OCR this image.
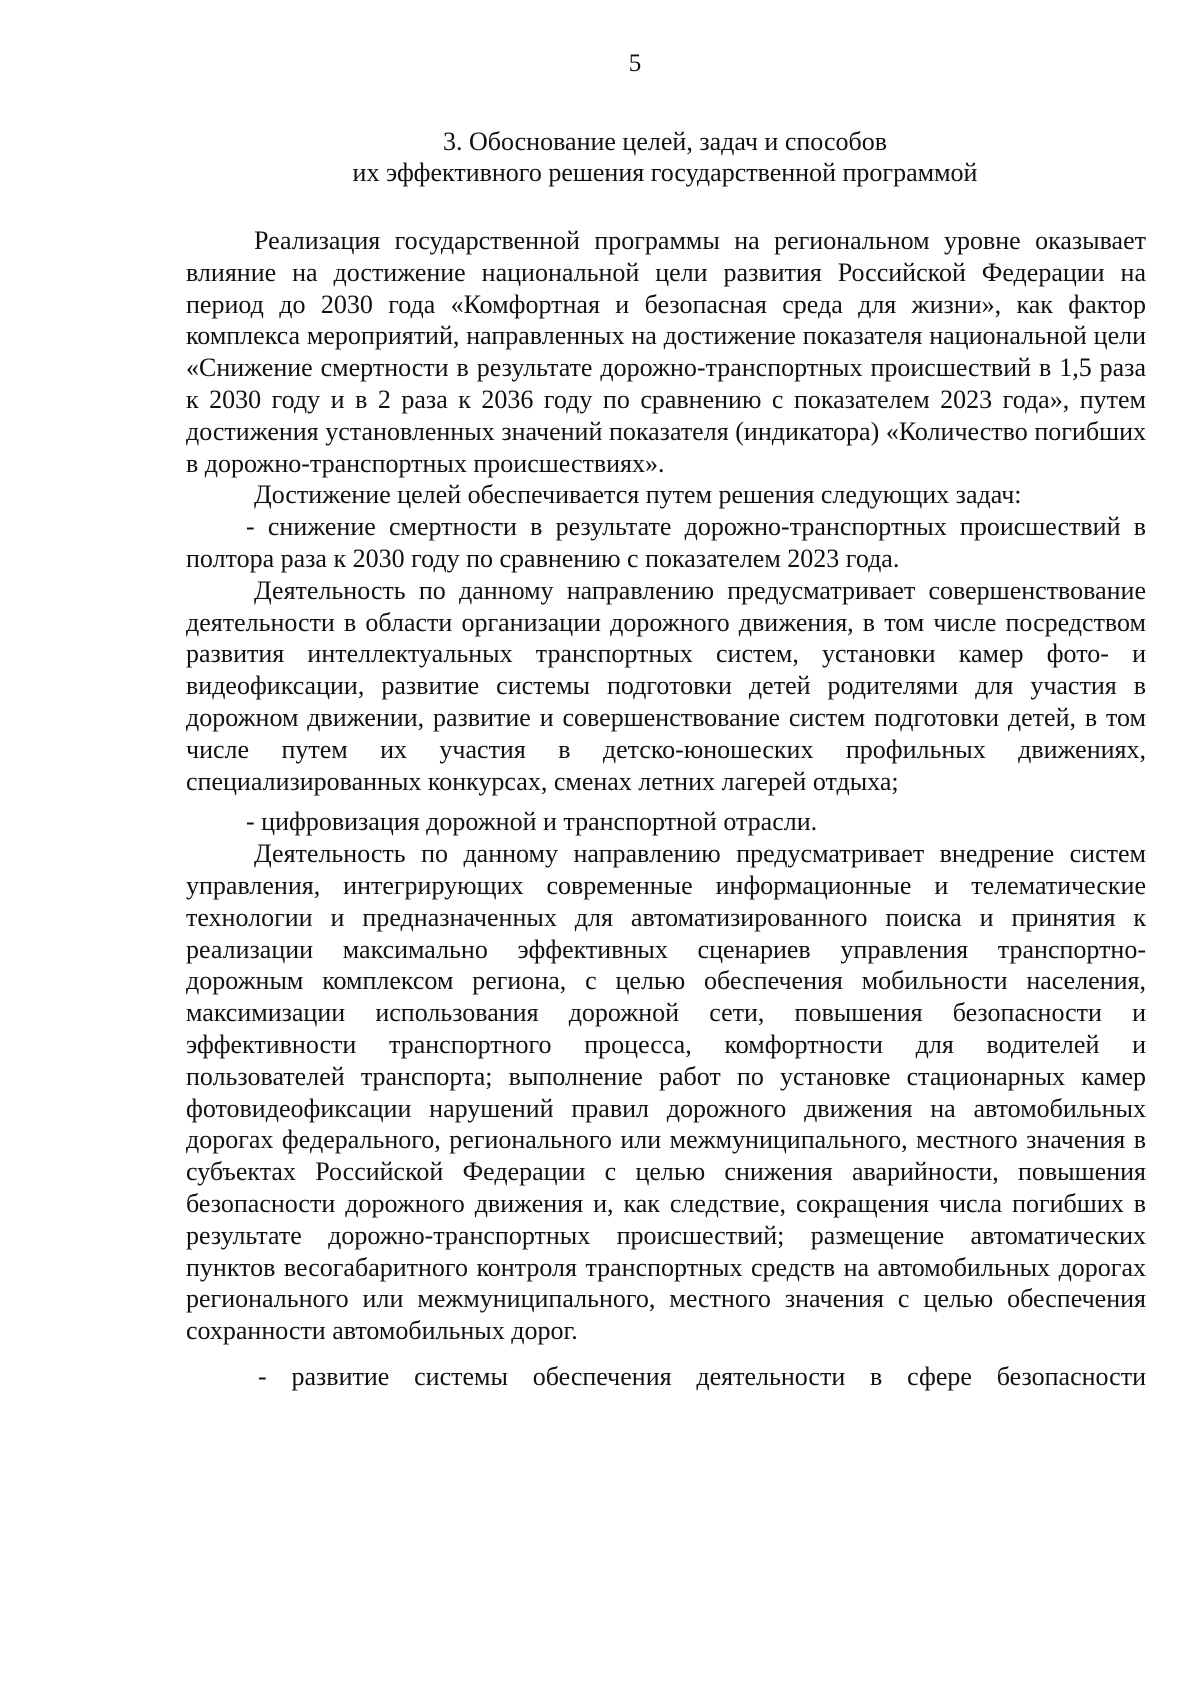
5
3. Обоснование целей, задач и способов
их эффективного решения государственной программой

Реализация государственной программы на региональном уровне оказывает влияние на достижение национальной цели развития Российской Федерации на период до 2030 года «Комфортная и безопасная среда для жизни», как фактор комплекса мероприятий, направленных на достижение показателя национальной цели «Снижение смертности в результате дорожно-транспортных происшествий в 1,5 раза к 2030 году и в 2 раза к 2036 году по сравнению с показателем 2023 года», путем достижения установленных значений показателя (индикатора) «Количество погибших в дорожно-транспортных происшествиях».

Достижение целей обеспечивается путем решения следующих задач:

- снижение смертности в результате дорожно-транспортных происшествий в полтора раза к 2030 году по сравнению с показателем 2023 года.

Деятельность по данному направлению предусматривает совершенствование деятельности в области организации дорожного движения, в том числе посредством развития интеллектуальных транспортных систем, установки камер фото- и видеофиксации, развитие системы подготовки детей родителями для участия в дорожном движении, развитие и совершенствование систем подготовки детей, в том числе путем их участия в детско-юношеских профильных движениях, специализированных конкурсах, сменах летних лагерей отдыха;

- цифровизация дорожной и транспортной отрасли.

Деятельность по данному направлению предусматривает внедрение систем управления, интегрирующих современные информационные и телематические технологии и предназначенных для автоматизированного поиска и принятия к реализации максимально эффективных сценариев управления транспортно-дорожным комплексом региона, с целью обеспечения мобильности населения, максимизации использования дорожной сети, повышения безопасности и эффективности транспортного процесса, комфортности для водителей и пользователей транспорта; выполнение работ по установке стационарных камер фотовидеофиксации нарушений правил дорожного движения на автомобильных дорогах федерального, регионального или межмуниципального, местного значения в субъектах Российской Федерации с целью снижения аварийности, повышения безопасности дорожного движения и, как следствие, сокращения числа погибших в результате дорожно-транспортных происшествий; размещение автоматических пунктов весогабаритного контроля транспортных средств на автомобильных дорогах регионального или межмуниципального, местного значения с целью обеспечения сохранности автомобильных дорог.

- развитие системы обеспечения деятельности в сфере безопасности
